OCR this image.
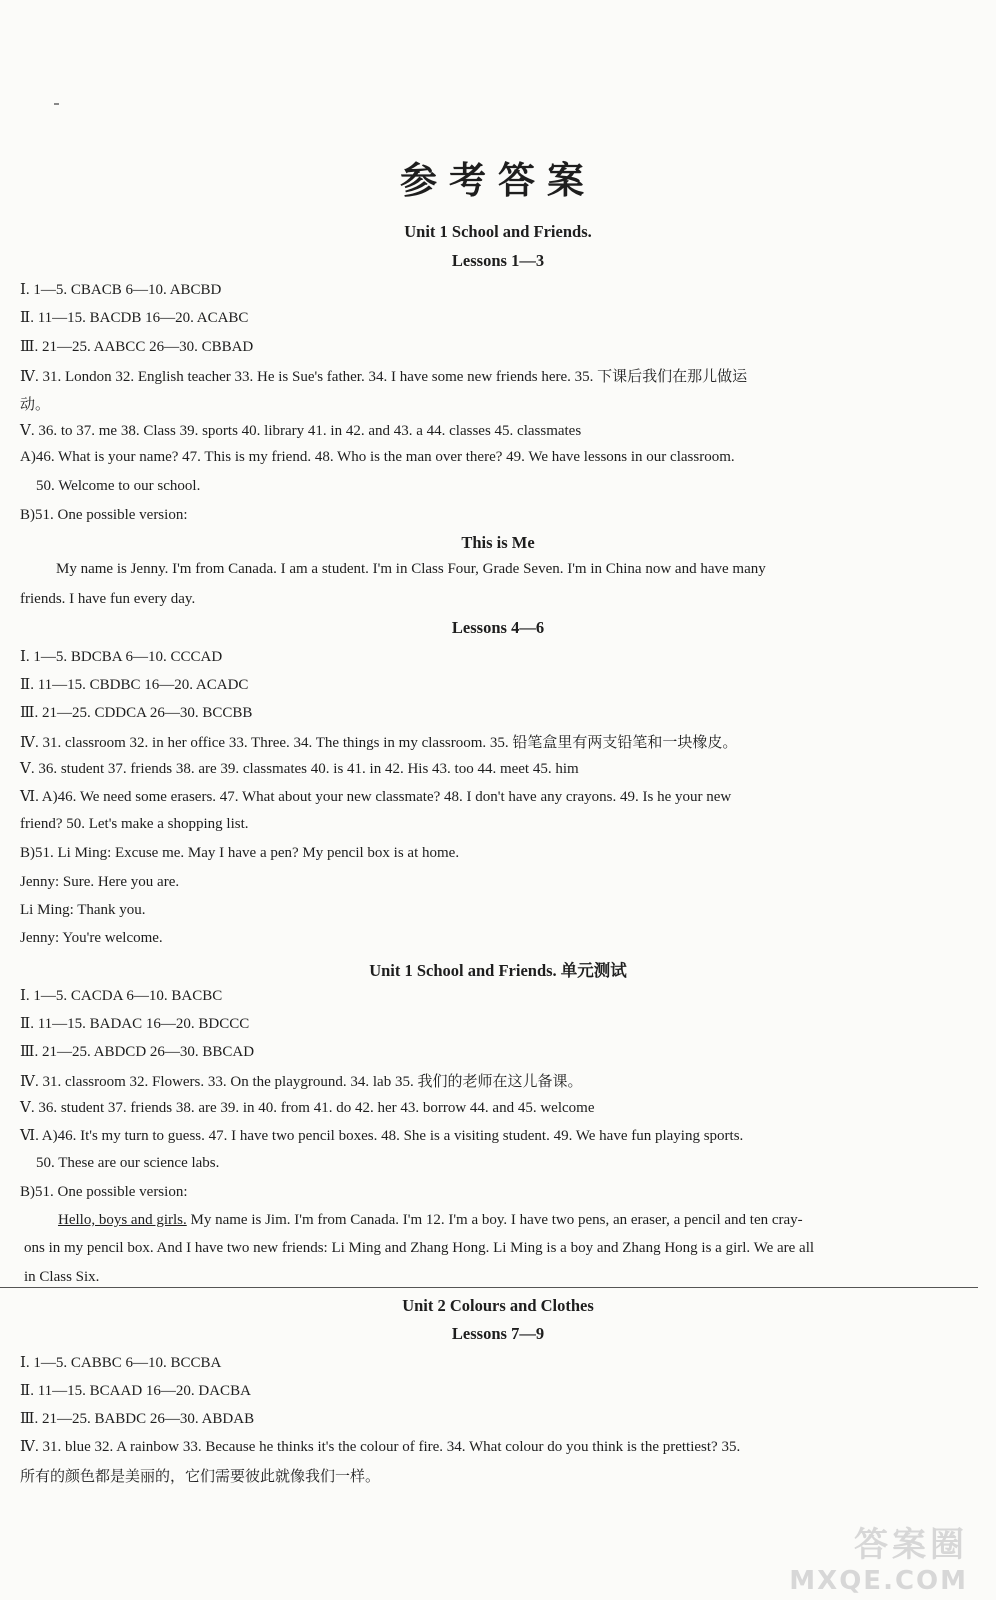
参考答案
Unit 1 School and Friends.
Lessons 1—3
Ⅰ. 1—5. CBACB 6—10. ABCBD
Ⅱ. 11—15. BACDB 16—20. ACABC
Ⅲ. 21—25. AABCC 26—30. CBBAD
Ⅳ. 31. London 32. English teacher 33. He is Sue's father. 34. I have some new friends here. 35. 下课后我们在那儿做运
动。
Ⅴ. 36. to 37. me 38. Class 39. sports 40. library 41. in 42. and 43. a 44. classes 45. classmates
A)46. What is your name? 47. This is my friend. 48. Who is the man over there? 49. We have lessons in our classroom.
50. Welcome to our school.
B)51. One possible version:
This is Me
My name is Jenny. I'm from Canada. I am a student. I'm in Class Four, Grade Seven. I'm in China now and have many
friends. I have fun every day.
Lessons 4—6
Ⅰ. 1—5. BDCBA 6—10. CCCAD
Ⅱ. 11—15. CBDBC 16—20. ACADC
Ⅲ. 21—25. CDDCA 26—30. BCCBB
Ⅳ. 31. classroom 32. in her office 33. Three. 34. The things in my classroom. 35. 铅笔盒里有两支铅笔和一块橡皮。
Ⅴ. 36. student 37. friends 38. are 39. classmates 40. is 41. in 42. His 43. too 44. meet 45. him
Ⅵ. A)46. We need some erasers. 47. What about your new classmate? 48. I don't have any crayons. 49. Is he your new
friend? 50. Let's make a shopping list.
B)51. Li Ming: Excuse me. May I have a pen? My pencil box is at home.
Jenny: Sure. Here you are.
Li Ming: Thank you.
Jenny: You're welcome.
Unit 1 School and Friends. 单元测试
Ⅰ. 1—5. CACDA 6—10. BACBC
Ⅱ. 11—15. BADAC 16—20. BDCCC
Ⅲ. 21—25. ABDCD 26—30. BBCAD
Ⅳ. 31. classroom 32. Flowers. 33. On the playground. 34. lab 35. 我们的老师在这儿备课。
Ⅴ. 36. student 37. friends 38. are 39. in 40. from 41. do 42. her 43. borrow 44. and 45. welcome
Ⅵ. A)46. It's my turn to guess. 47. I have two pencil boxes. 48. She is a visiting student. 49. We have fun playing sports.
50. These are our science labs.
B)51. One possible version:
Hello, boys and girls. My name is Jim. I'm from Canada. I'm 12. I'm a boy. I have two pens, an eraser, a pencil and ten cray-
ons in my pencil box. And I have two new friends: Li Ming and Zhang Hong. Li Ming is a boy and Zhang Hong is a girl. We are all
in Class Six.
Unit 2 Colours and Clothes
Lessons 7—9
Ⅰ. 1—5. CABBC 6—10. BCCBA
Ⅱ. 11—15. BCAAD 16—20. DACBA
Ⅲ. 21—25. BABDC 26—30. ABDAB
Ⅳ. 31. blue 32. A rainbow 33. Because he thinks it's the colour of fire. 34. What colour do you think is the prettiest? 35.
所有的颜色都是美丽的，它们需要彼此就像我们一样。
答案圈
MXQE.COM
